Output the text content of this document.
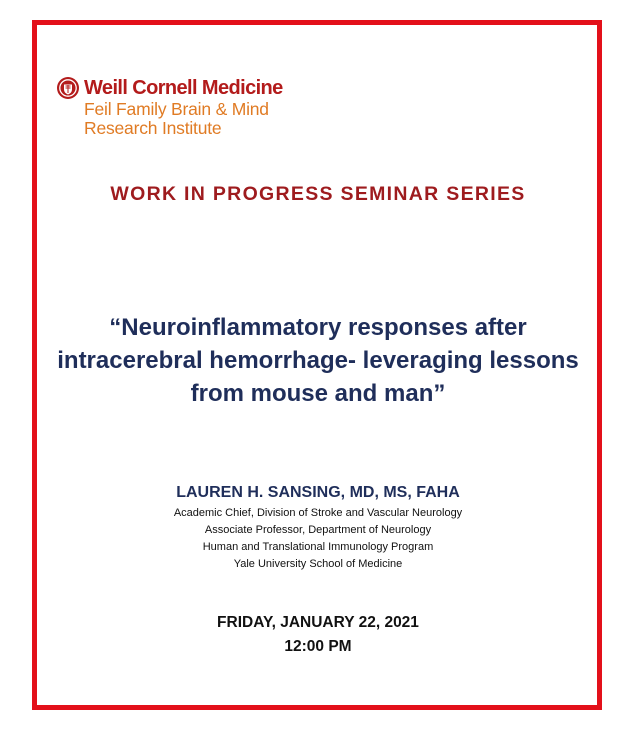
Weill Cornell Medicine
Feil Family Brain & Mind
Research Institute
WORK IN PROGRESS SEMINAR SERIES
“Neuroinflammatory responses after intracerebral hemorrhage- leveraging lessons from mouse and man”
LAUREN H. SANSING, MD, MS, FAHA
Academic Chief, Division of Stroke and Vascular Neurology
Associate Professor, Department of Neurology
Human and Translational Immunology Program
Yale University School of Medicine
FRIDAY, JANUARY 22, 2021
12:00 PM
